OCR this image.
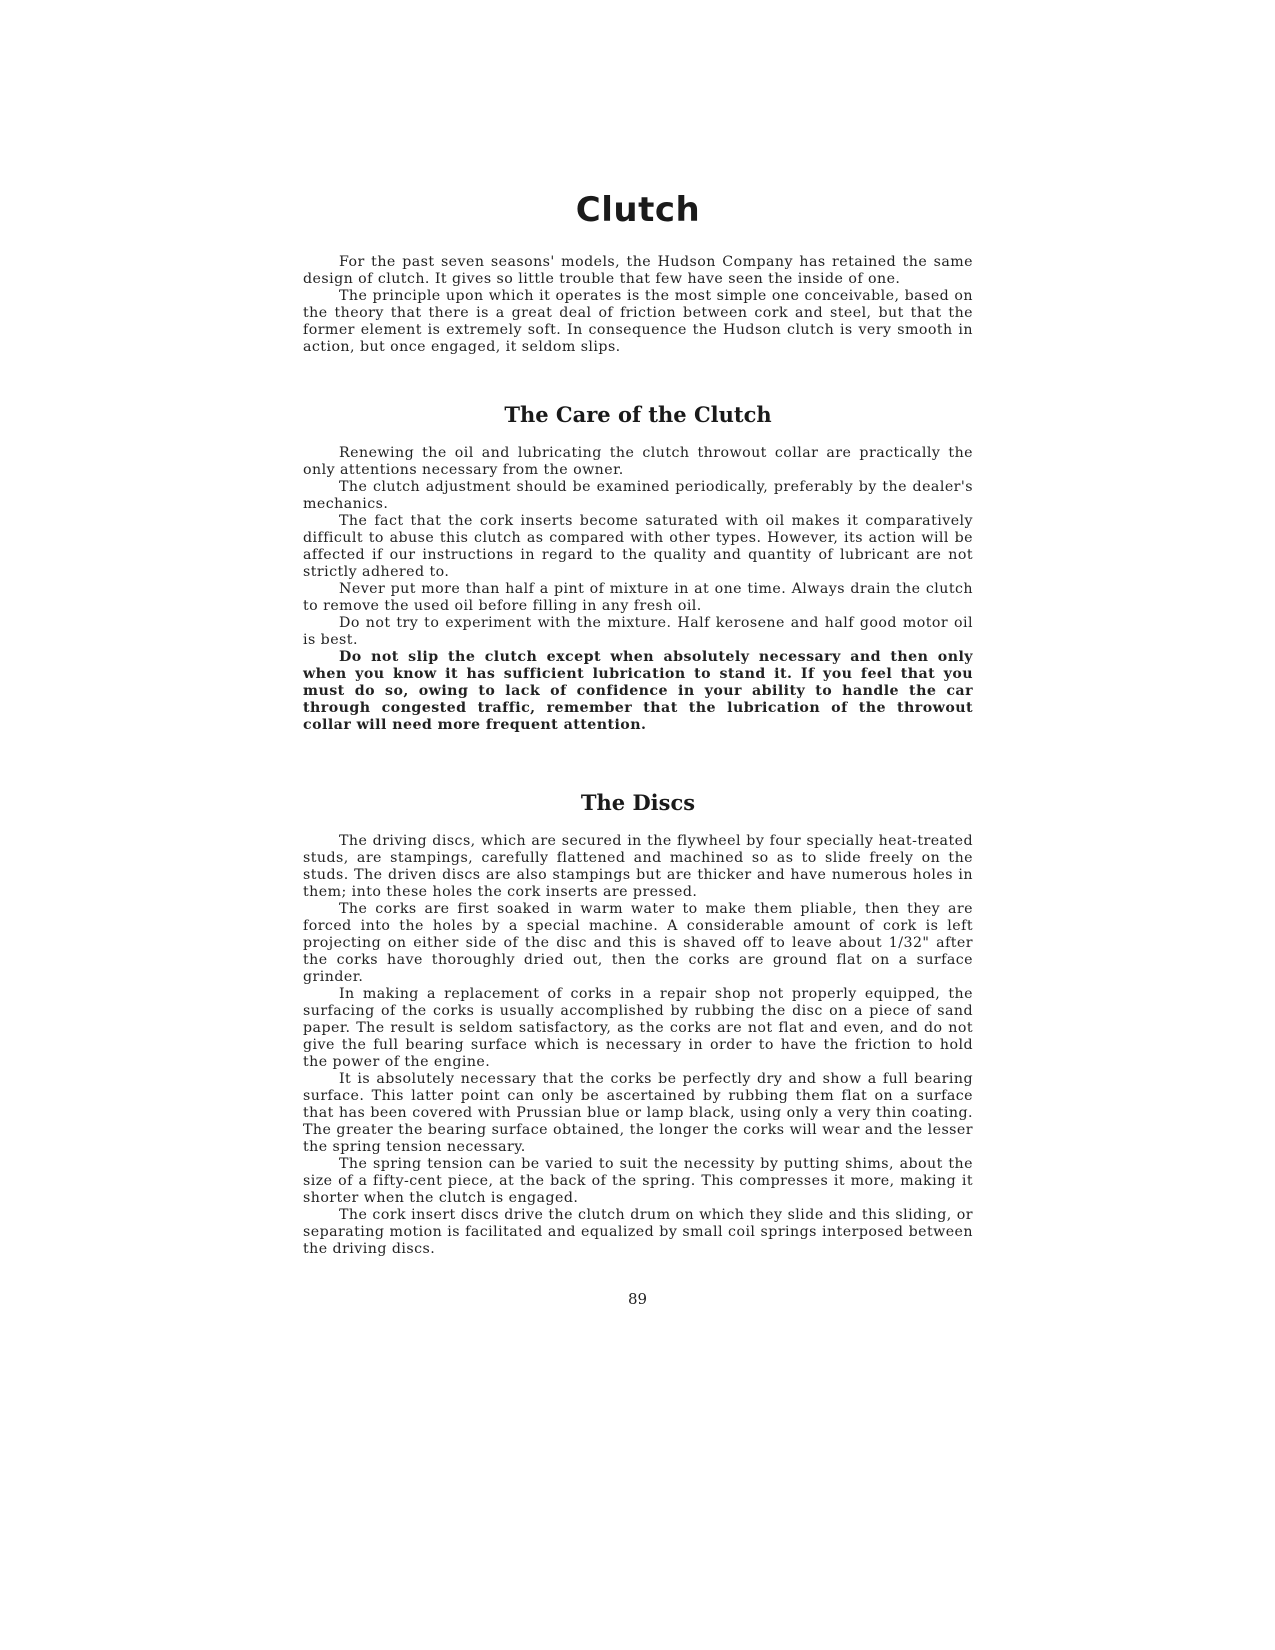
Clutch

For the past seven seasons' models, the Hudson Company has retained the same design of clutch. It gives so little trouble that few have seen the inside of one.

The principle upon which it operates is the most simple one conceivable, based on the theory that there is a great deal of friction between cork and steel, but that the former element is extremely soft. In consequence the Hudson clutch is very smooth in action, but once engaged, it seldom slips.

The Care of the Clutch

Renewing the oil and lubricating the clutch throwout collar are practically the only attentions necessary from the owner.

The clutch adjustment should be examined periodically, preferably by the dealer's mechanics.

The fact that the cork inserts become saturated with oil makes it comparatively difficult to abuse this clutch as compared with other types. However, its action will be affected if our instructions in regard to the quality and quantity of lubricant are not strictly adhered to.

Never put more than half a pint of mixture in at one time. Always drain the clutch to remove the used oil before filling in any fresh oil.

Do not try to experiment with the mixture. Half kerosene and half good motor oil is best.

Do not slip the clutch except when absolutely necessary and then only when you know it has sufficient lubrication to stand it. If you feel that you must do so, owing to lack of confidence in your ability to handle the car through congested traffic, remember that the lubrication of the throwout collar will need more frequent attention.

The Discs

The driving discs, which are secured in the flywheel by four specially heat-treated studs, are stampings, carefully flattened and machined so as to slide freely on the studs. The driven discs are also stampings but are thicker and have numerous holes in them; into these holes the cork inserts are pressed.

The corks are first soaked in warm water to make them pliable, then they are forced into the holes by a special machine. A considerable amount of cork is left projecting on either side of the disc and this is shaved off to leave about 1/32" after the corks have thoroughly dried out, then the corks are ground flat on a surface grinder.

In making a replacement of corks in a repair shop not properly equipped, the surfacing of the corks is usually accomplished by rubbing the disc on a piece of sand paper. The result is seldom satisfactory, as the corks are not flat and even, and do not give the full bearing surface which is necessary in order to have the friction to hold the power of the engine.

It is absolutely necessary that the corks be perfectly dry and show a full bearing surface. This latter point can only be ascertained by rubbing them flat on a surface that has been covered with Prussian blue or lamp black, using only a very thin coating. The greater the bearing surface obtained, the longer the corks will wear and the lesser the spring tension necessary.

The spring tension can be varied to suit the necessity by putting shims, about the size of a fifty-cent piece, at the back of the spring. This compresses it more, making it shorter when the clutch is engaged.

The cork insert discs drive the clutch drum on which they slide and this sliding, or separating motion is facilitated and equalized by small coil springs interposed between the driving discs.

89
